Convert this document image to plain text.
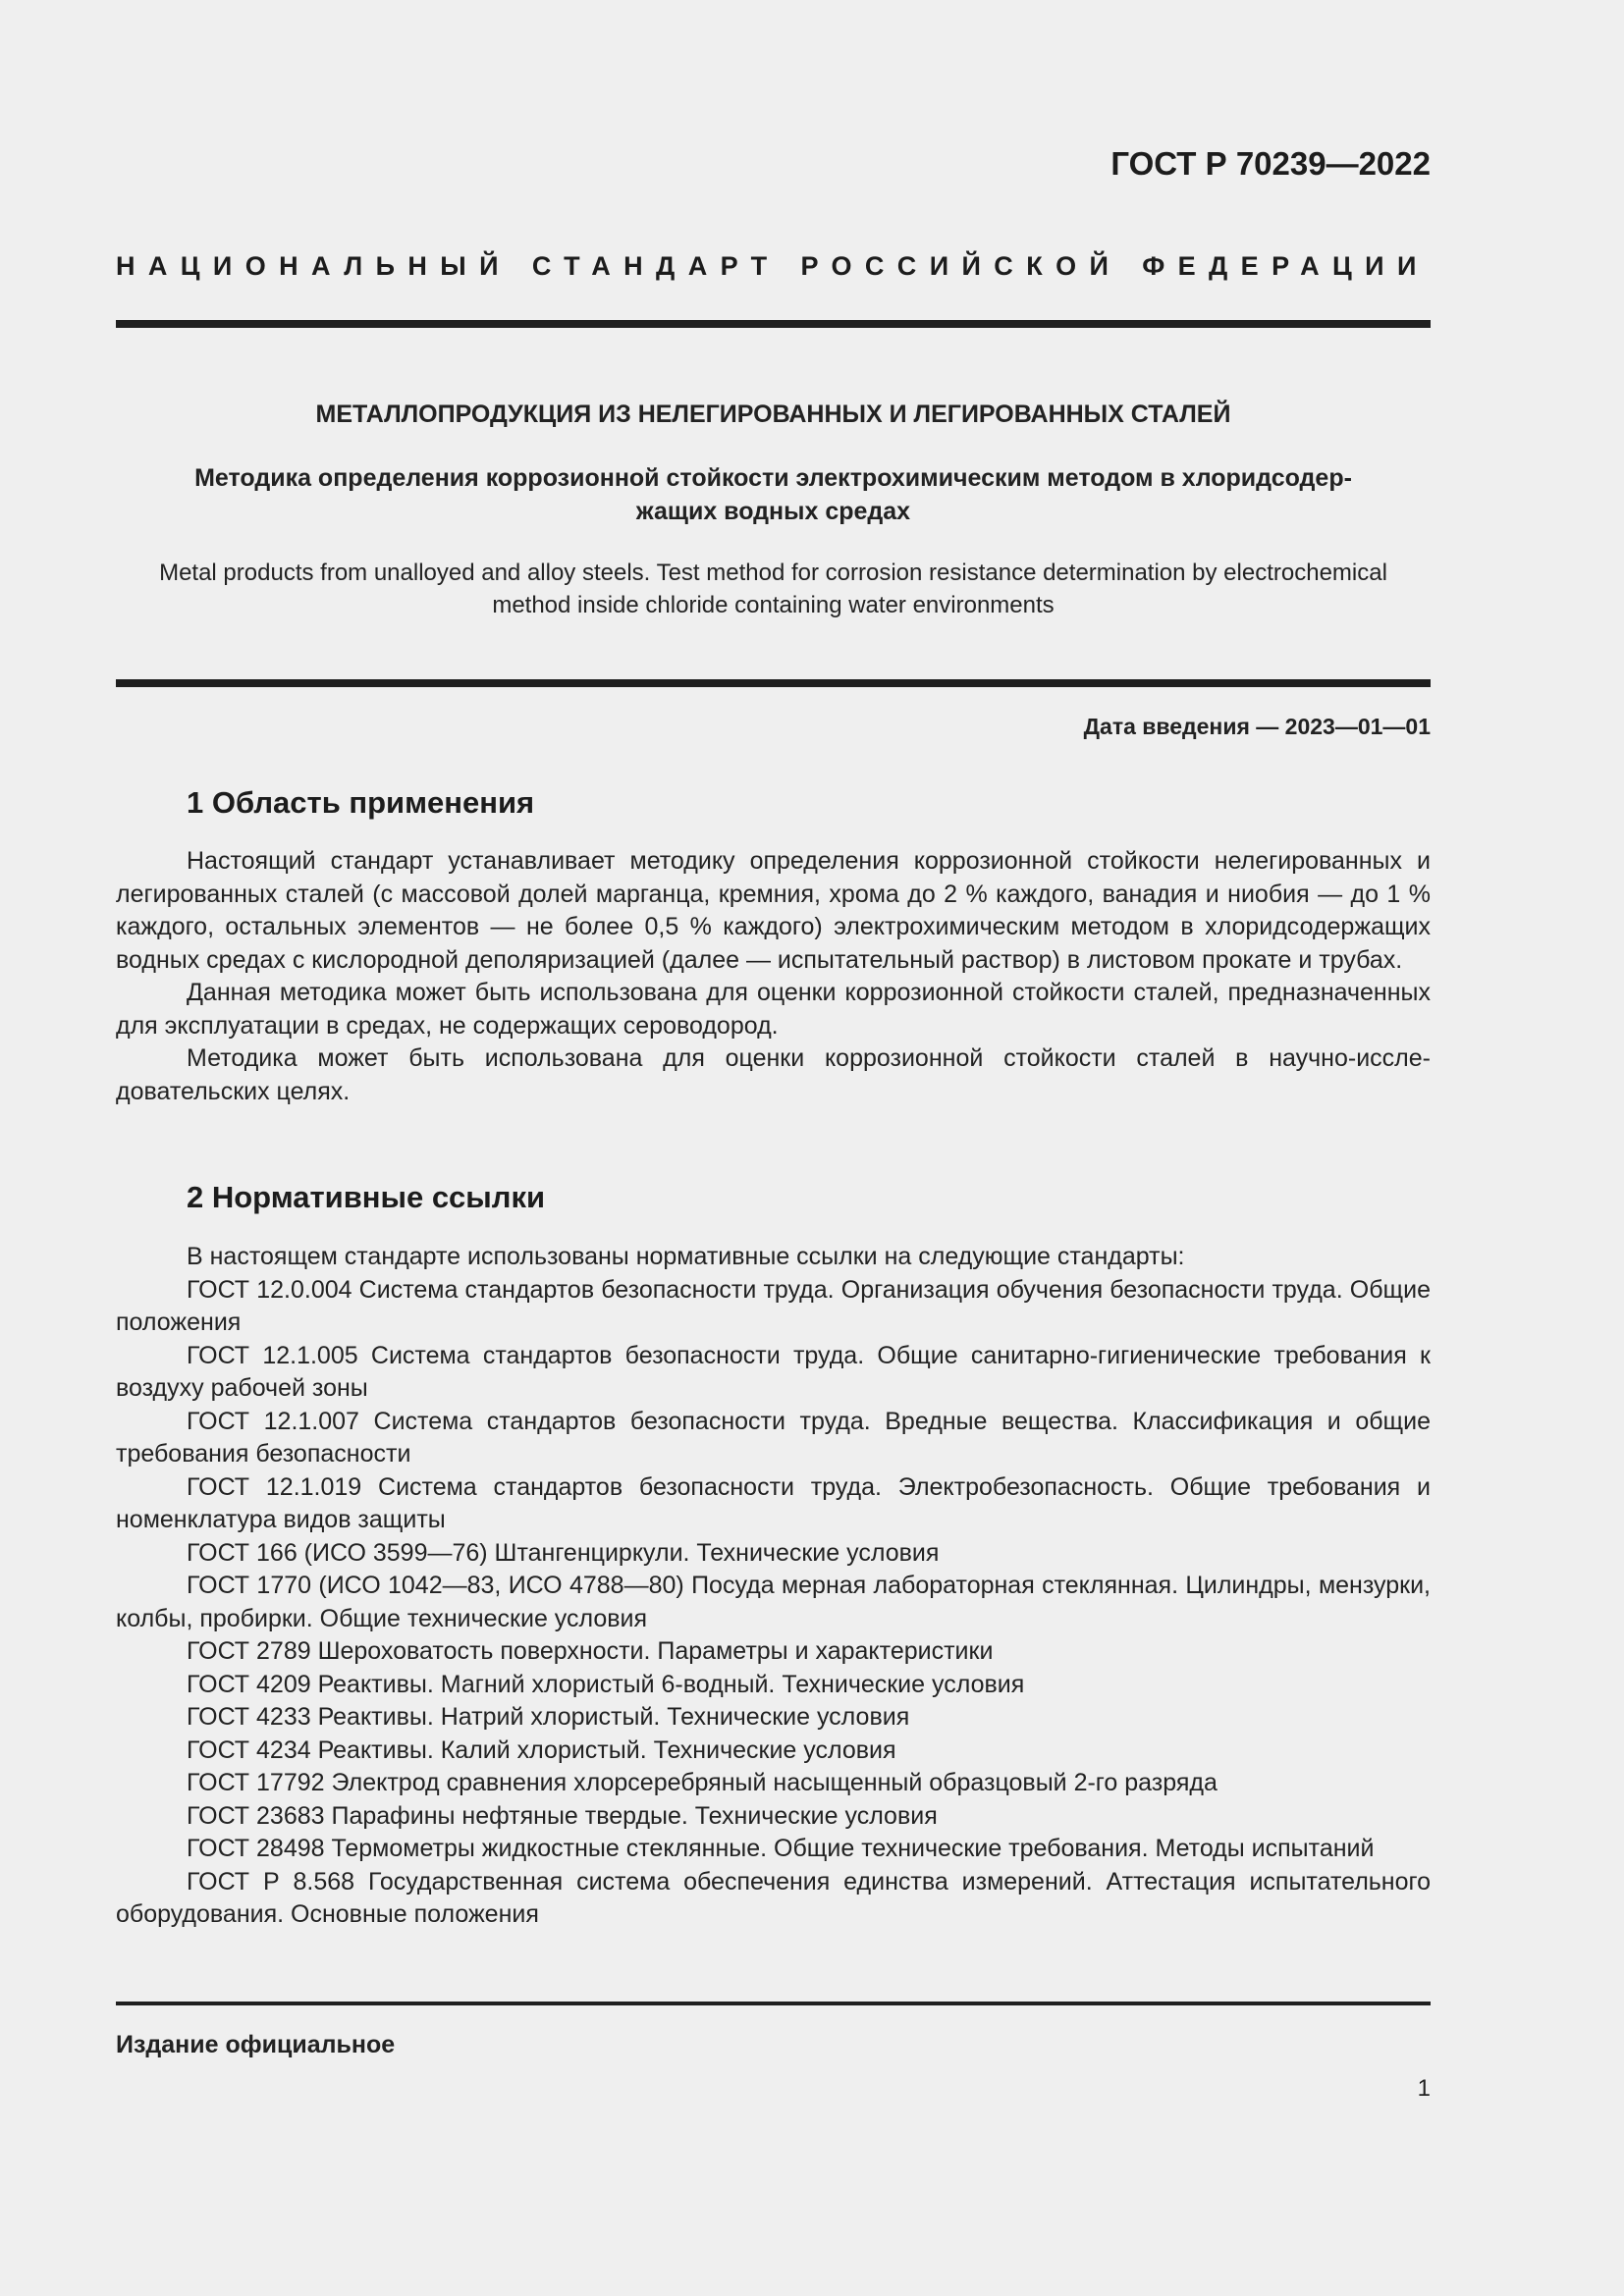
ГОСТ Р 70239—2022
НАЦИОНАЛЬНЫЙ СТАНДАРТ РОССИЙСКОЙ ФЕДЕРАЦИИ
МЕТАЛЛОПРОДУКЦИЯ ИЗ НЕЛЕГИРОВАННЫХ И ЛЕГИРОВАННЫХ СТАЛЕЙ
Методика определения коррозионной стойкости электрохимическим методом в хлоридсодер-
жащих водных средах
Metal products from unalloyed and alloy steels. Test method for corrosion resistance determination by electrochemical
method inside chloride containing water environments
Дата введения — 2023—01—01
1 Область применения

Настоящий стандарт устанавливает методику определения коррозионной стойкости нелегированных и легированных сталей (с массовой долей марганца, кремния, хрома до 2 % каждого, ванадия и ниобия — до 1 % каждого, остальных элементов — не более 0,5 % каждого) электрохимическим методом в хлоридсодержащих водных средах с кислородной деполяризацией (далее — испытательный раствор) в листовом прокате и трубах.

Данная методика может быть использована для оценки коррозионной стойкости сталей, предназначенных для эксплуатации в средах, не содержащих сероводород.

Методика может быть использована для оценки коррозионной стойкости сталей в научно-исследовательских целях.

2 Нормативные ссылки

В настоящем стандарте использованы нормативные ссылки на следующие стандарты:

ГОСТ 12.0.004 Система стандартов безопасности труда. Организация обучения безопасности труда. Общие положения

ГОСТ 12.1.005 Система стандартов безопасности труда. Общие санитарно-гигиенические требования к воздуху рабочей зоны

ГОСТ 12.1.007 Система стандартов безопасности труда. Вредные вещества. Классификация и общие требования безопасности

ГОСТ 12.1.019 Система стандартов безопасности труда. Электробезопасность. Общие требования и номенклатура видов защиты

ГОСТ 166 (ИСО 3599—76) Штангенциркули. Технические условия

ГОСТ 1770 (ИСО 1042—83, ИСО 4788—80) Посуда мерная лабораторная стеклянная. Цилиндры, мензурки, колбы, пробирки. Общие технические условия

ГОСТ 2789 Шероховатость поверхности. Параметры и характеристики

ГОСТ 4209 Реактивы. Магний хлористый 6-водный. Технические условия

ГОСТ 4233 Реактивы. Натрий хлористый. Технические условия

ГОСТ 4234 Реактивы. Калий хлористый. Технические условия

ГОСТ 17792 Электрод сравнения хлорсеребряный насыщенный образцовый 2-го разряда

ГОСТ 23683 Парафины нефтяные твердые. Технические условия

ГОСТ 28498 Термометры жидкостные стеклянные. Общие технические требования. Методы испытаний

ГОСТ Р 8.568 Государственная система обеспечения единства измерений. Аттестация испытательного оборудования. Основные положения

Издание официальное
1
